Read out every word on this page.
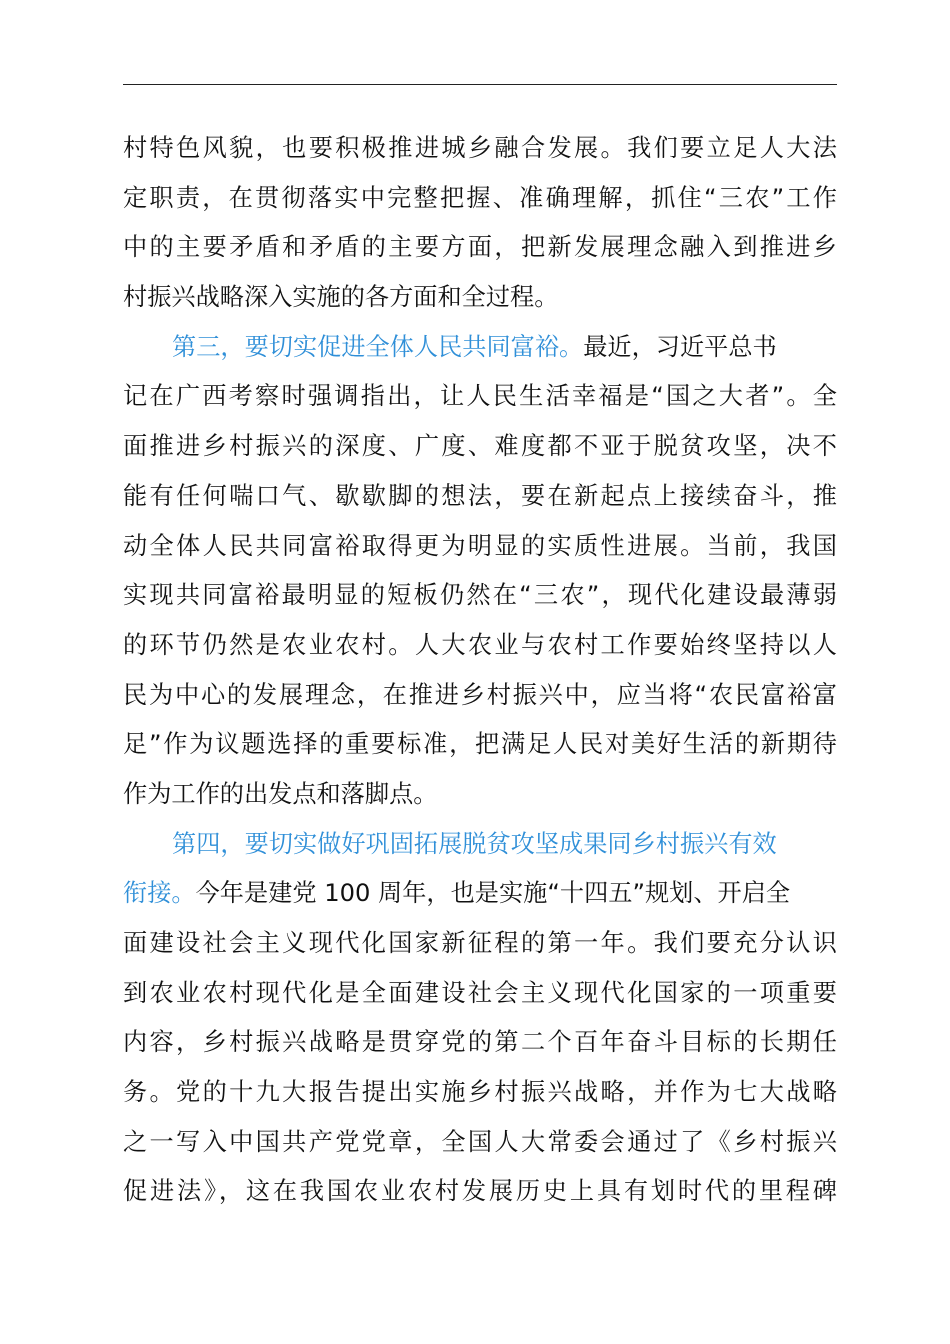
村特色风貌，也要积极推进城乡融合发展。我们要立足人大法
定职责，在贯彻落实中完整把握、准确理解，抓住“三农”工作
中的主要矛盾和矛盾的主要方面，把新发展理念融入到推进乡
村振兴战略深入实施的各方面和全过程。
第三，要切实促进全体人民共同富裕。最近，习近平总书
记在广西考察时强调指出，让人民生活幸福是“国之大者”。全
面推进乡村振兴的深度、广度、难度都不亚于脱贫攻坚，决不
能有任何喘口气、歇歇脚的想法，要在新起点上接续奋斗，推
动全体人民共同富裕取得更为明显的实质性进展。当前，我国
实现共同富裕最明显的短板仍然在“三农”，现代化建设最薄弱
的环节仍然是农业农村。人大农业与农村工作要始终坚持以人
民为中心的发展理念，在推进乡村振兴中，应当将“农民富裕富
足”作为议题选择的重要标准，把满足人民对美好生活的新期待
作为工作的出发点和落脚点。
第四，要切实做好巩固拓展脱贫攻坚成果同乡村振兴有效
衔接。今年是建党 100 周年，也是实施“十四五”规划、开启全
面建设社会主义现代化国家新征程的第一年。我们要充分认识
到农业农村现代化是全面建设社会主义现代化国家的一项重要
内容，乡村振兴战略是贯穿党的第二个百年奋斗目标的长期任
务。党的十九大报告提出实施乡村振兴战略，并作为七大战略
之一写入中国共产党党章，全国人大常委会通过了《乡村振兴
促进法》，这在我国农业农村发展历史上具有划时代的里程碑
